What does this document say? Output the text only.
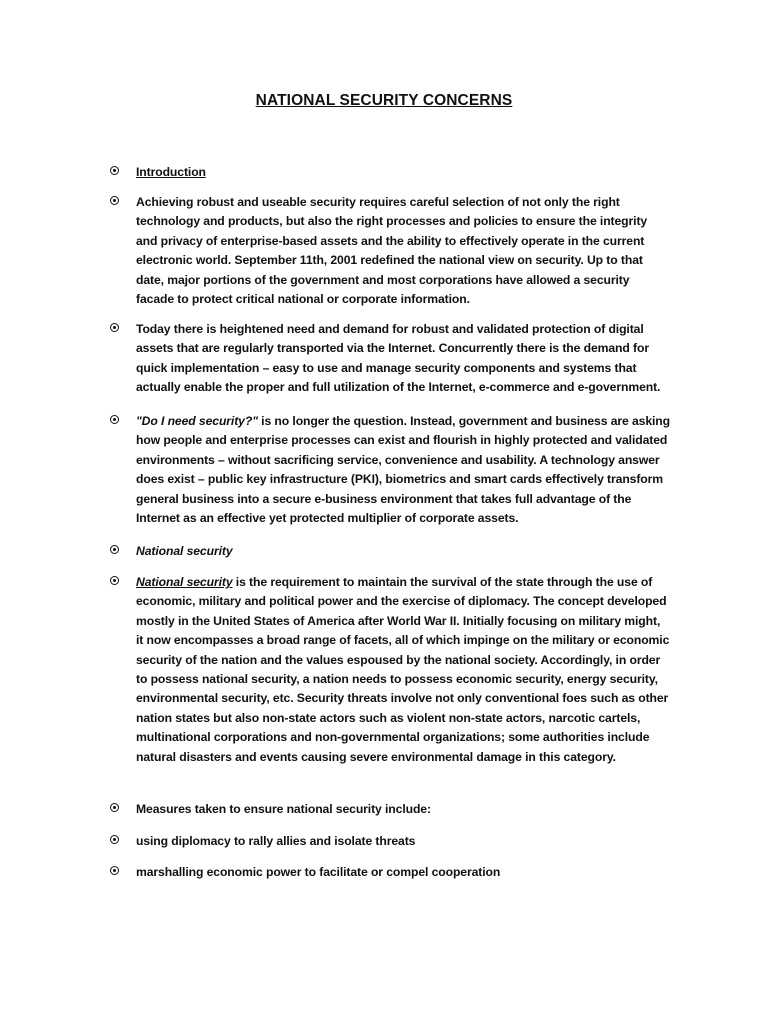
NATIONAL SECURITY CONCERNS
Introduction
Achieving robust and useable security requires careful selection of not only the right technology and products, but also the right processes and policies to ensure the integrity and privacy of enterprise-based assets and the ability to effectively operate in the current electronic world. September 11th, 2001 redefined the national view on security. Up to that date, major portions of the government and most corporations have allowed a security facade to protect critical national or corporate information.
Today there is heightened need and demand for robust and validated protection of digital assets that are regularly transported via the Internet. Concurrently there is the demand for quick implementation – easy to use and manage security components and systems that actually enable the proper and full utilization of the Internet, e-commerce and e-government.
"Do I need security?" is no longer the question. Instead, government and business are asking how people and enterprise processes can exist and flourish in highly protected and validated environments – without sacrificing service, convenience and usability. A technology answer does exist – public key infrastructure (PKI), biometrics and smart cards effectively transform general business into a secure e-business environment that takes full advantage of the Internet as an effective yet protected multiplier of corporate assets.
National security
National security is the requirement to maintain the survival of the state through the use of economic, military and political power and the exercise of diplomacy. The concept developed mostly in the United States of America after World War II. Initially focusing on military might, it now encompasses a broad range of facets, all of which impinge on the military or economic security of the nation and the values espoused by the national society. Accordingly, in order to possess national security, a nation needs to possess economic security, energy security, environmental security, etc. Security threats involve not only conventional foes such as other nation states but also non-state actors such as violent non-state actors, narcotic cartels, multinational corporations and non-governmental organizations; some authorities include natural disasters and events causing severe environmental damage in this category.
Measures taken to ensure national security include:
using diplomacy to rally allies and isolate threats
marshalling economic power to facilitate or compel cooperation
